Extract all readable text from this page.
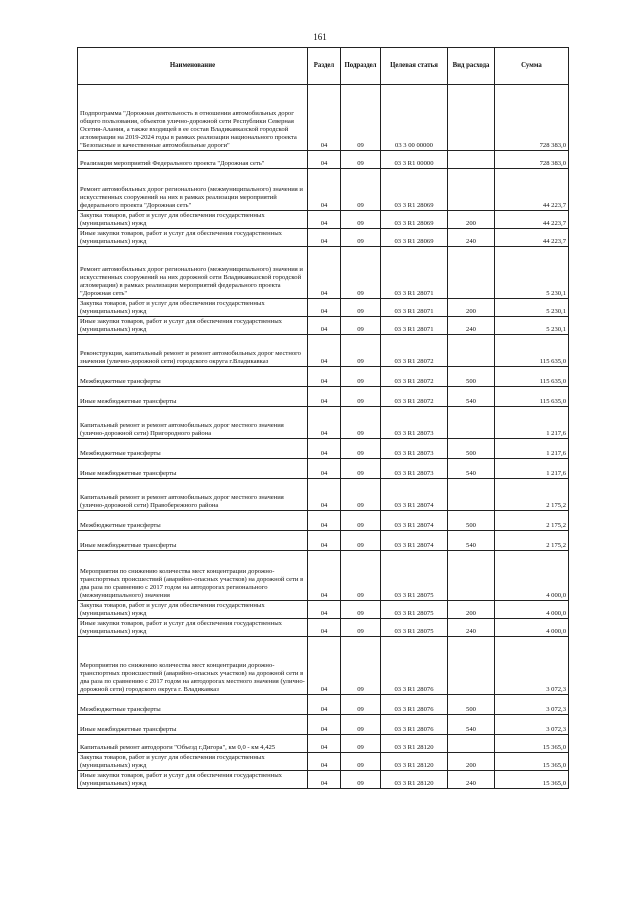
161
Наименование	Раздел	Подраздел	Целевая статья	Вид расхода	Сумма
Подпрограмма "Дорожная деятельность в отношении автомобильных дорог общего пользования, объектов улично-дорожной сети Республики Северная Осетия-Алания, а также входящей в ее состав Владикавказской городской агломерации на 2019-2024 годы в рамках реализации национального проекта "Безопасные и качественные автомобильные дороги"	04	09	03 3 00 00000		728 383,0
Реализация мероприятий Федерального проекта "Дорожная сеть"	04	09	03 3 R1 00000		728 383,0
Ремонт автомобильных дорог регионального (межмуниципального) значения и искусственных сооружений на них в рамках реализации мероприятий федерального проекта "Дорожная сеть"	04	09	03 3 R1 28069		44 223,7
Закупка товаров, работ и услуг для обеспечения государственных (муниципальных) нужд	04	09	03 3 R1 28069	200	44 223,7
Иные закупки товаров, работ и услуг для обеспечения государственных (муниципальных) нужд	04	09	03 3 R1 28069	240	44 223,7
Ремонт автомобильных дорог регионального (межмуниципального) значения и искусственных сооружений на них дорожной сети Владикавказской городской агломерации) в рамках реализации мероприятий федерального проекта "Дорожная сеть"	04	09	03 3 R1 28071		5 230,1
Закупка товаров, работ и услуг для обеспечения государственных (муниципальных) нужд	04	09	03 3 R1 28071	200	5 230,1
Иные закупки товаров, работ и услуг для обеспечения государственных (муниципальных) нужд	04	09	03 3 R1 28071	240	5 230,1
Реконструкция, капитальный ремонт и ремонт автомобильных дорог местного значения (улично-дорожной сети) городского округа г.Владикавказ	04	09	03 3 R1 28072		115 635,0
Межбюджетные трансферты	04	09	03 3 R1 28072	500	115 635,0
Иные межбюджетные трансферты	04	09	03 3 R1 28072	540	115 635,0
Капитальный ремонт и ремонт автомобильных дорог местного значения (улично-дорожной сети) Пригородного района	04	09	03 3 R1 28073		1 217,6
Межбюджетные трансферты	04	09	03 3 R1 28073	500	1 217,6
Иные межбюджетные трансферты	04	09	03 3 R1 28073	540	1 217,6
Капитальный ремонт и ремонт автомобильных дорог местного значения (улично-дорожной сети) Правобережного района	04	09	03 3 R1 28074		2 175,2
Межбюджетные трансферты	04	09	03 3 R1 28074	500	2 175,2
Иные межбюджетные трансферты	04	09	03 3 R1 28074	540	2 175,2
Мероприятия по снижению количества мест концентрации дорожно-транспортных происшествий (аварийно-опасных участков) на дорожной сети в два раза по сравнению с 2017 годом на автодорогах регионального (межмуниципального) значения	04	09	03 3 R1 28075		4 000,0
Закупка товаров, работ и услуг для обеспечения государственных (муниципальных) нужд	04	09	03 3 R1 28075	200	4 000,0
Иные закупки товаров, работ и услуг для обеспечения государственных (муниципальных) нужд	04	09	03 3 R1 28075	240	4 000,0
Мероприятия по снижению количества мест концентрации дорожно-транспортных происшествий (аварийно-опасных участков) на дорожной сети в два раза по сравнению с 2017 годом на автодорогах местного значения (улично-дорожной сети) городского округа г. Владикавказ	04	09	03 3 R1 28076		3 072,3
Межбюджетные трансферты	04	09	03 3 R1 28076	500	3 072,3
Иные межбюджетные трансферты	04	09	03 3 R1 28076	540	3 072,3
Капитальный ремонт автодороги "Объезд г.Дигора", км 0,0 - км 4,425	04	09	03 3 R1 28120		15 365,0
Закупка товаров, работ и услуг для обеспечения государственных (муниципальных) нужд	04	09	03 3 R1 28120	200	15 365,0
Иные закупки товаров, работ и услуг для обеспечения государственных (муниципальных) нужд	04	09	03 3 R1 28120	240	15 365,0
